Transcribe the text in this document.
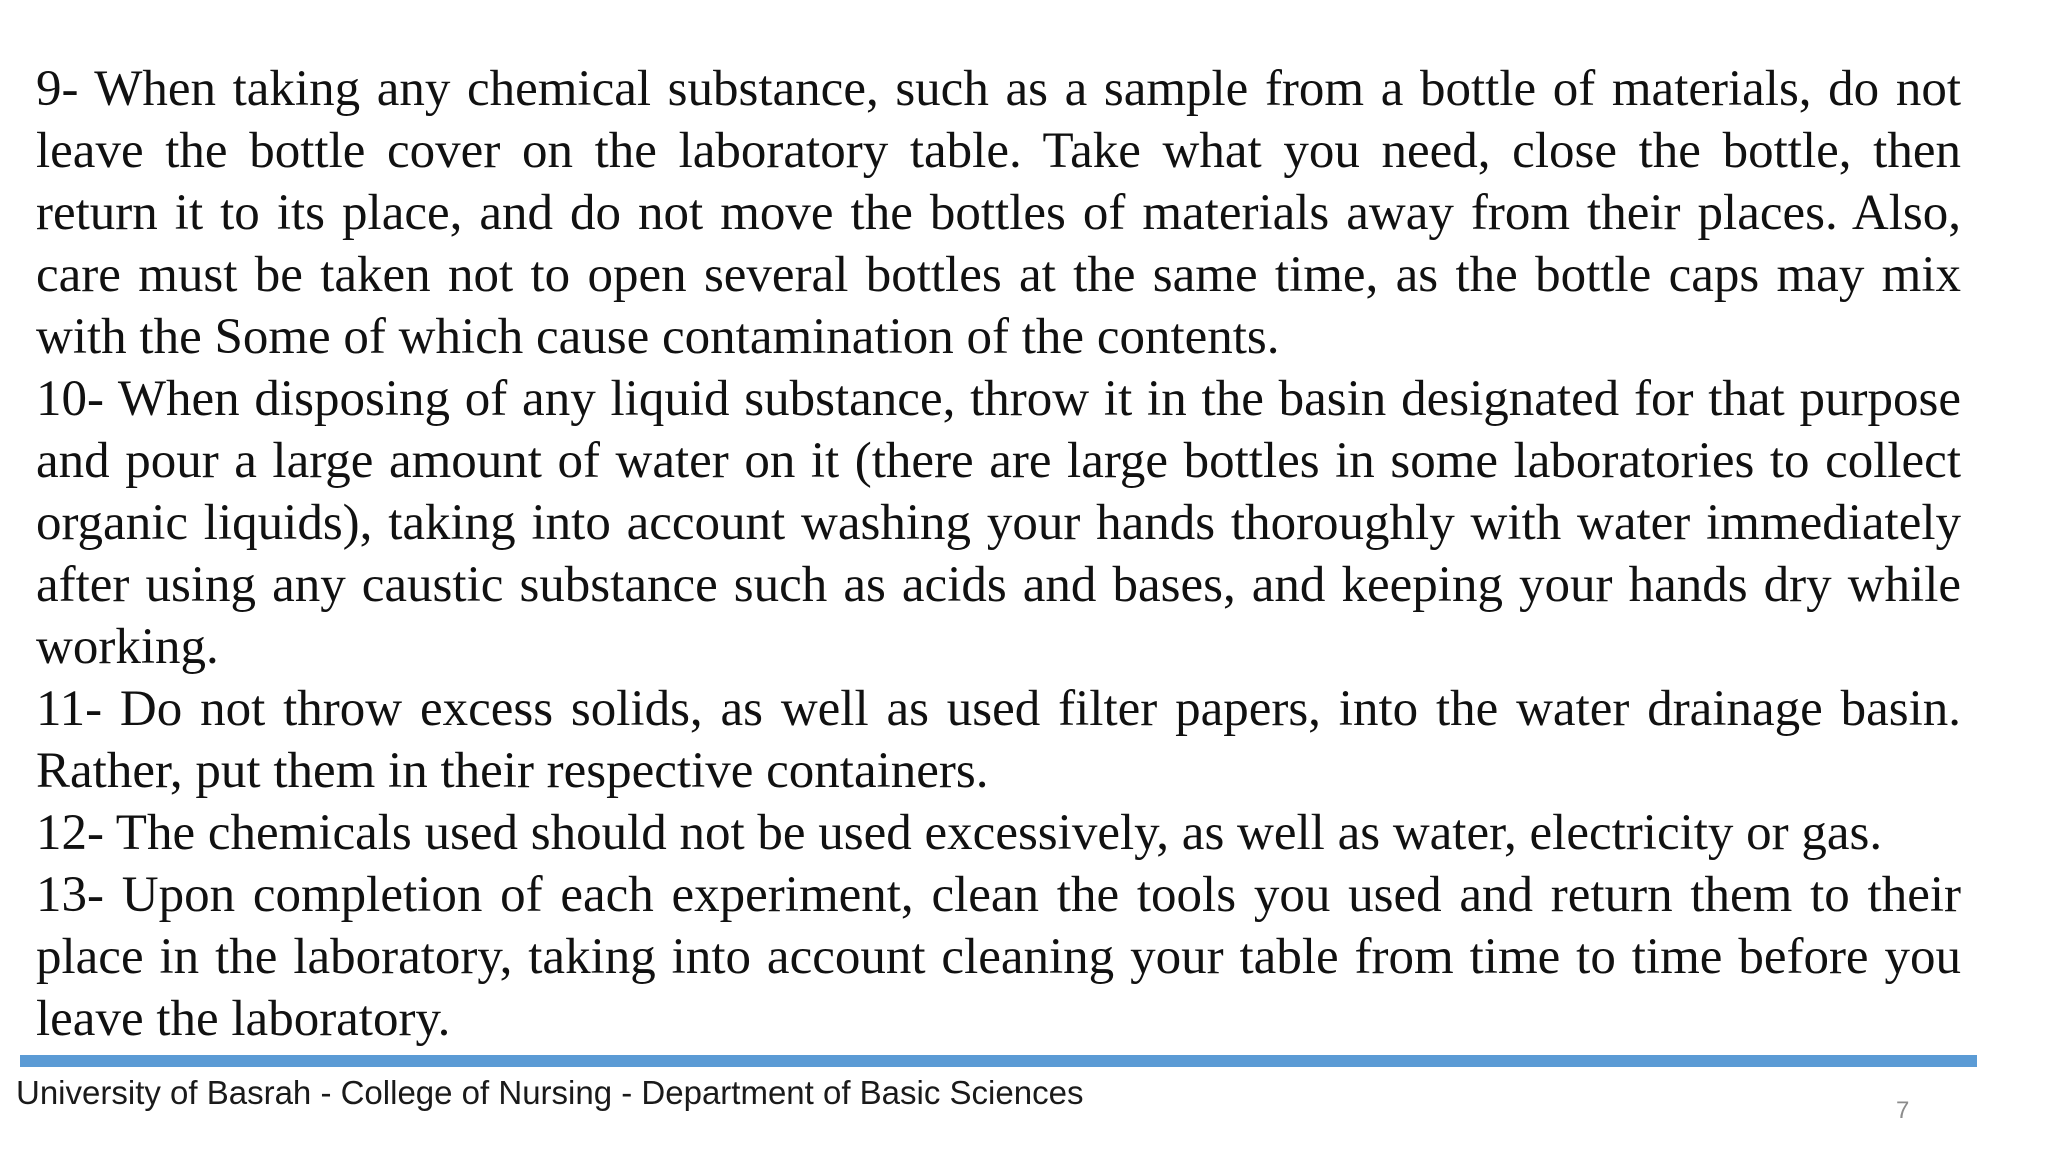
9- When taking any chemical substance, such as a sample from a bottle of materials, do not leave the bottle cover on the laboratory table. Take what you need, close the bottle, then return it to its place, and do not move the bottles of materials away from their places. Also, care must be taken not to open several bottles at the same time, as the bottle caps may mix with the Some of which cause contamination of the contents.

10- When disposing of any liquid substance, throw it in the basin designated for that purpose and pour a large amount of water on it (there are large bottles in some laboratories to collect organic liquids), taking into account washing your hands thoroughly with water immediately after using any caustic substance such as acids and bases, and keeping your hands dry while working.

11- Do not throw excess solids, as well as used filter papers, into the water drainage basin. Rather, put them in their respective containers.

12- The chemicals used should not be used excessively, as well as water, electricity or gas.

13- Upon completion of each experiment, clean the tools you used and return them to their place in the laboratory, taking into account cleaning your table from time to time before you leave the laboratory.

University of Basrah - College of Nursing - Department of Basic Sciences	7
